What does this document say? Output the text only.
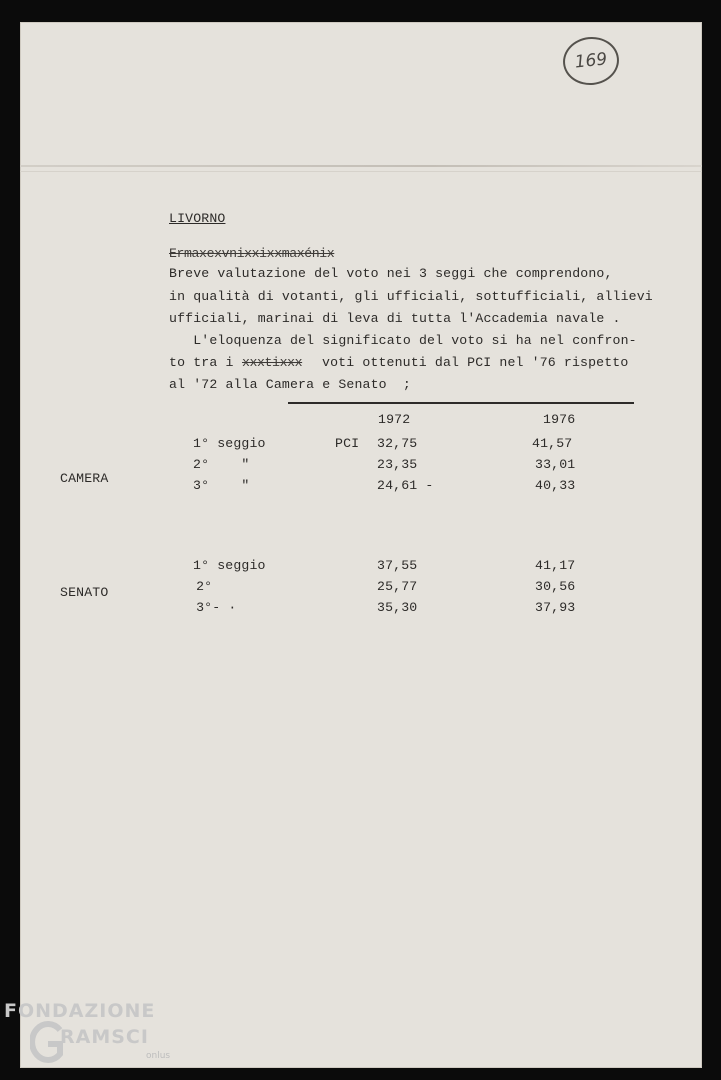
169
LIVORNO
Ermaxexvnixxixxmaxénix
Breve valutazione del voto nei 3 seggi che comprendono,
in qualità di votanti, gli ufficiali, sottufficiali, allievi
ufficiali, marinai di leva di tutta l'Accademia navale .
L'eloquenza del significato del voto si ha nel confron-
to tra i xxxtixxx voti ottenuti dal PCI nel '76 rispetto
al '72 alla Camera e Senato  ;
1972	1976
CAMERA
PCI
1° seggio	32,75	41,57
2°    "	23,35	33,01
3°    "	24,61 -	40,33
SENATO
1° seggio	37,55	41,17
2°	25,77	30,56
3°- ·	35,30	37,93
FONDAZIONE
RAMSCI
onlus
